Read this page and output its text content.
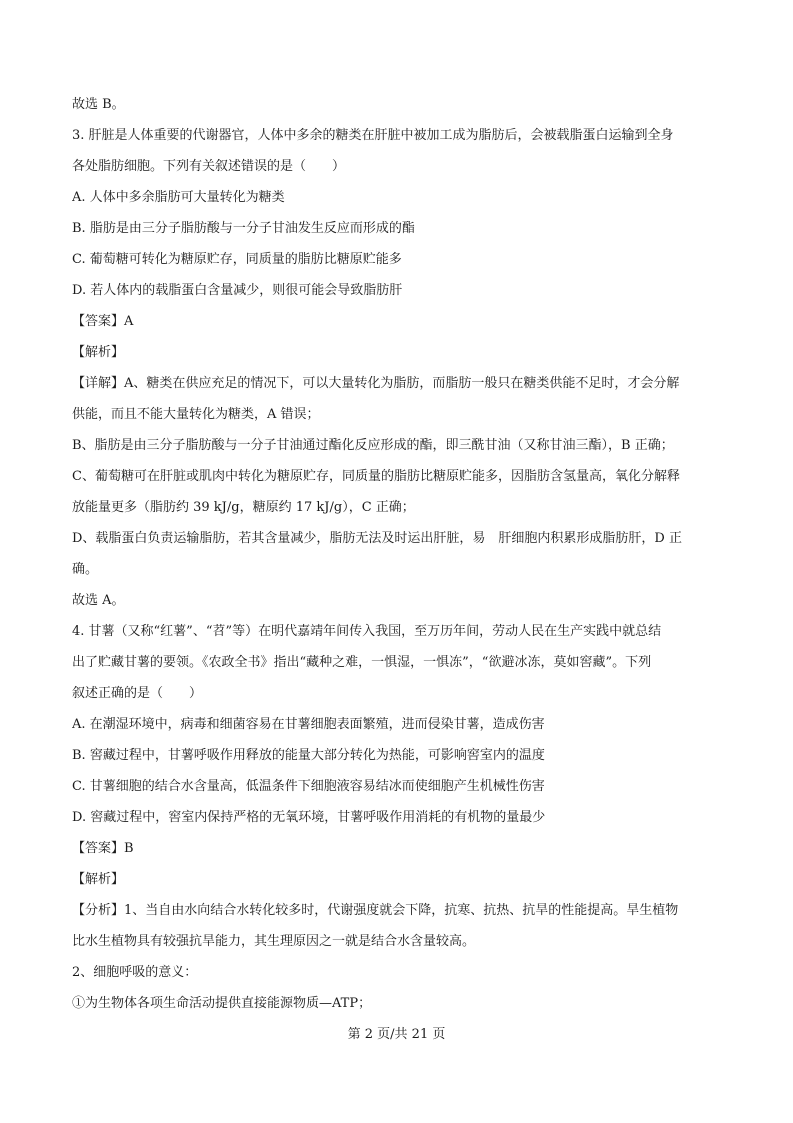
故选 B。
3. 肝脏是人体重要的代谢器官，人体中多余的糖类在肝脏中被加工成为脂肪后，会被载脂蛋白运输到全身
各处脂肪细胞。下列有关叙述错误的是（　　）
A. 人体中多余脂肪可大量转化为糖类
B. 脂肪是由三分子脂肪酸与一分子甘油发生反应而形成的酯
C. 葡萄糖可转化为糖原贮存，同质量的脂肪比糖原贮能多
D. 若人体内的载脂蛋白含量减少，则很可能会导致脂肪肝
【答案】A
【解析】
【详解】A、糖类在供应充足的情况下，可以大量转化为脂肪，而脂肪一般只在糖类供能不足时，才会分解
供能，而且不能大量转化为糖类，A 错误；
B、脂肪是由三分子脂肪酸与一分子甘油通过酯化反应形成的酯，即三酰甘油（又称甘油三酯），B 正确；
C、葡萄糖可在肝脏或肌肉中转化为糖原贮存，同质量的脂肪比糖原贮能多，因脂肪含氢量高，氧化分解释
放能量更多（脂肪约 39 kJ/g，糖原约 17 kJ/g），C 正确；
D、载脂蛋白负责运输脂肪，若其含量减少，脂肪无法及时运出肝脏，易　肝细胞内积累形成脂肪肝，D 正
确。
故选 A。
4. 甘薯（又称“红薯”、“苕”等）在明代嘉靖年间传入我国，至万历年间，劳动人民在生产实践中就总结
出了贮藏甘薯的要领。《农政全书》指出“藏种之难，一惧湿，一惧冻”，“欲避冰冻，莫如窖藏”。下列
叙述正确的是（　　）
A. 在潮湿环境中，病毒和细菌容易在甘薯细胞表面繁殖，进而侵染甘薯，造成伤害
B. 窖藏过程中，甘薯呼吸作用释放的能量大部分转化为热能，可影响窖室内的温度
C. 甘薯细胞的结合水含量高，低温条件下细胞液容易结冰而使细胞产生机械性伤害
D. 窖藏过程中，窖室内保持严格的无氧环境，甘薯呼吸作用消耗的有机物的量最少
【答案】B
【解析】
【分析】1、当自由水向结合水转化较多时，代谢强度就会下降，抗寒、抗热、抗旱的性能提高。旱生植物
比水生植物具有较强抗旱能力，其生理原因之一就是结合水含量较高。
2、细胞呼吸的意义：
①为生物体各项生命活动提供直接能源物质—ATP；
第 2 页/共 21 页
